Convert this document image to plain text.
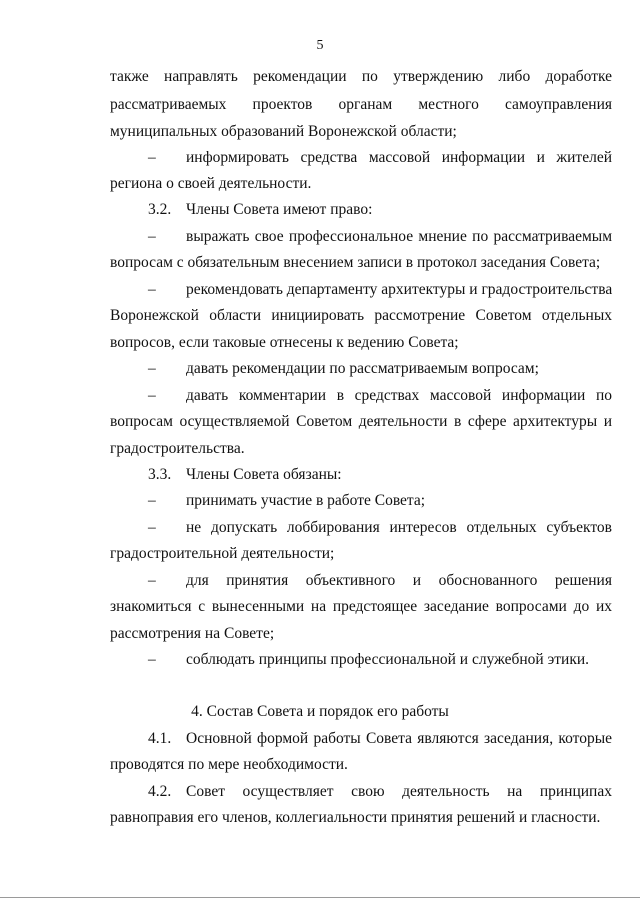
5
также направлять рекомендации по утверждению либо доработке
рассматриваемых проектов органам местного самоуправления
муниципальных образований Воронежской области;
–	информировать средства массовой информации и жителей
региона о своей деятельности.
3.2. Члены Совета имеют право:
–	выражать свое профессиональное мнение по рассматриваемым
вопросам с обязательным внесением записи в протокол заседания Совета;
–	рекомендовать департаменту архитектуры и градостроительства
Воронежской области инициировать рассмотрение Советом отдельных
вопросов, если таковые отнесены к ведению Совета;
–	давать рекомендации по рассматриваемым вопросам;
–	давать комментарии в средствах массовой информации по
вопросам осуществляемой Советом деятельности в сфере архитектуры и
градостроительства.
3.3. Члены Совета обязаны:
–	принимать участие в работе Совета;
–	не допускать лоббирования интересов отдельных субъектов
градостроительной деятельности;
–	для принятия объективного и обоснованного решения
знакомиться с вынесенными на предстоящее заседание вопросами до их
рассмотрения на Совете;
–	соблюдать принципы профессиональной и служебной этики.
4. Состав Совета и порядок его работы
4.1. Основной формой работы Совета являются заседания, которые
проводятся по мере необходимости.
4.2. Совет осуществляет свою деятельность на принципах
равноправия его членов, коллегиальности принятия решений и гласности.
